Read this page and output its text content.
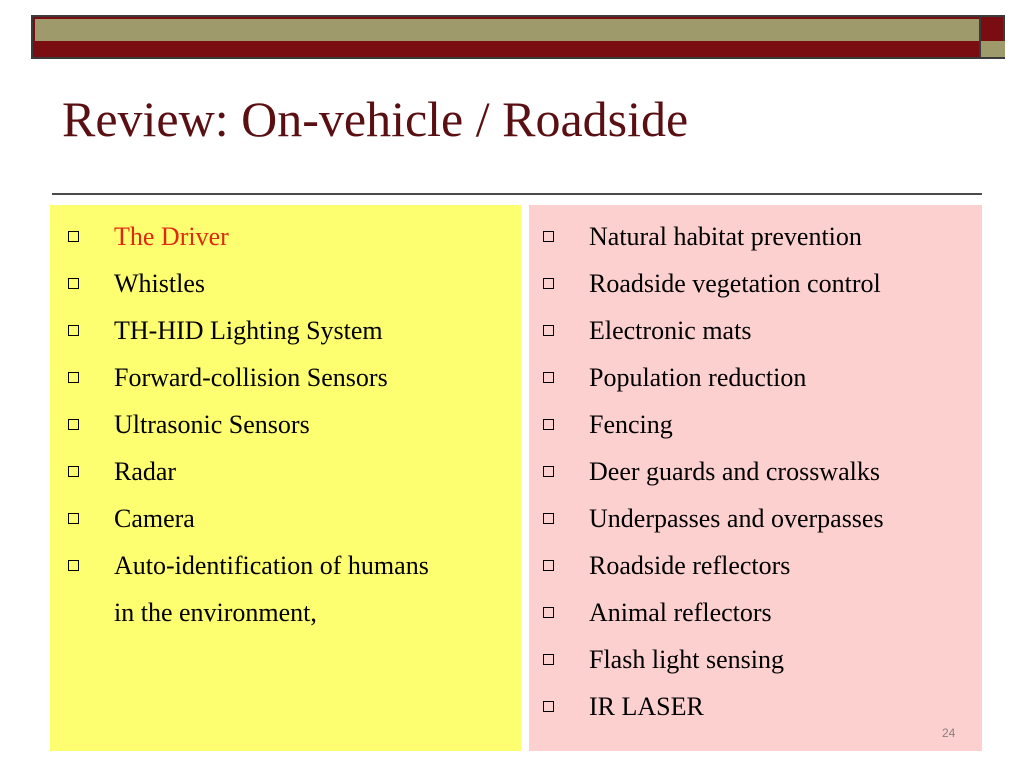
Review: On-vehicle / Roadside
The Driver
Whistles
TH-HID Lighting System
Forward-collision Sensors
Ultrasonic Sensors
Radar
Camera
Auto-identification of humans
in the environment,
Natural habitat prevention
Roadside vegetation control
Electronic mats
Population reduction
Fencing
Deer guards and crosswalks
Underpasses and overpasses
Roadside reflectors
Animal reflectors
Flash light sensing
IR LASER
24
